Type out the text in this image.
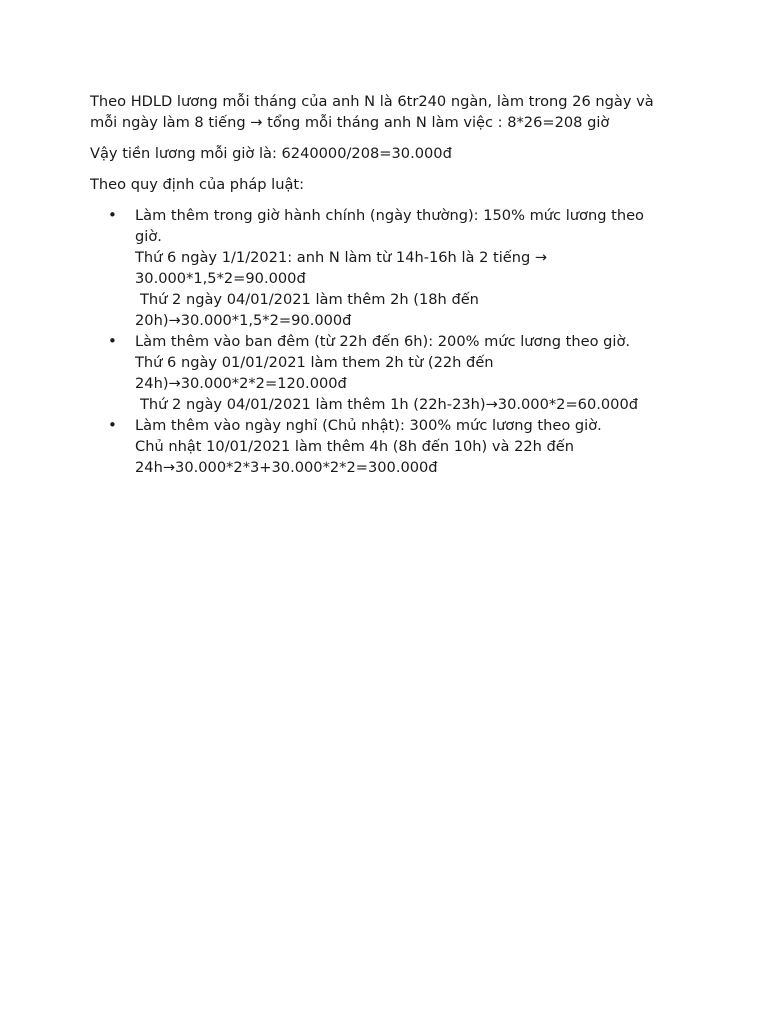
Theo HDLD lương mỗi tháng của anh N là 6tr240 ngàn, làm trong 26 ngày và
mỗi ngày làm 8 tiếng → tổng mỗi tháng anh N làm việc : 8*26=208 giờ

Vậy tiền lương mỗi giờ là: 6240000/208=30.000đ

Theo quy định của pháp luật:

• Làm thêm trong giờ hành chính (ngày thường): 150% mức lương theo
giờ.
Thứ 6 ngày 1/1/2021: anh N làm từ 14h-16h là 2 tiếng →
30.000*1,5*2=90.000đ
Thứ 2 ngày 04/01/2021 làm thêm 2h (18h đến
20h)→30.000*1,5*2=90.000đ
• Làm thêm vào ban đêm (từ 22h đến 6h): 200% mức lương theo giờ.
Thứ 6 ngày 01/01/2021 làm them 2h từ (22h đến
24h)→30.000*2*2=120.000đ
Thứ 2 ngày 04/01/2021 làm thêm 1h (22h-23h)→30.000*2=60.000đ
• Làm thêm vào ngày nghỉ (Chủ nhật): 300% mức lương theo giờ.
Chủ nhật 10/01/2021 làm thêm 4h (8h đến 10h) và 22h đến
24h→30.000*2*3+30.000*2*2=300.000đ
